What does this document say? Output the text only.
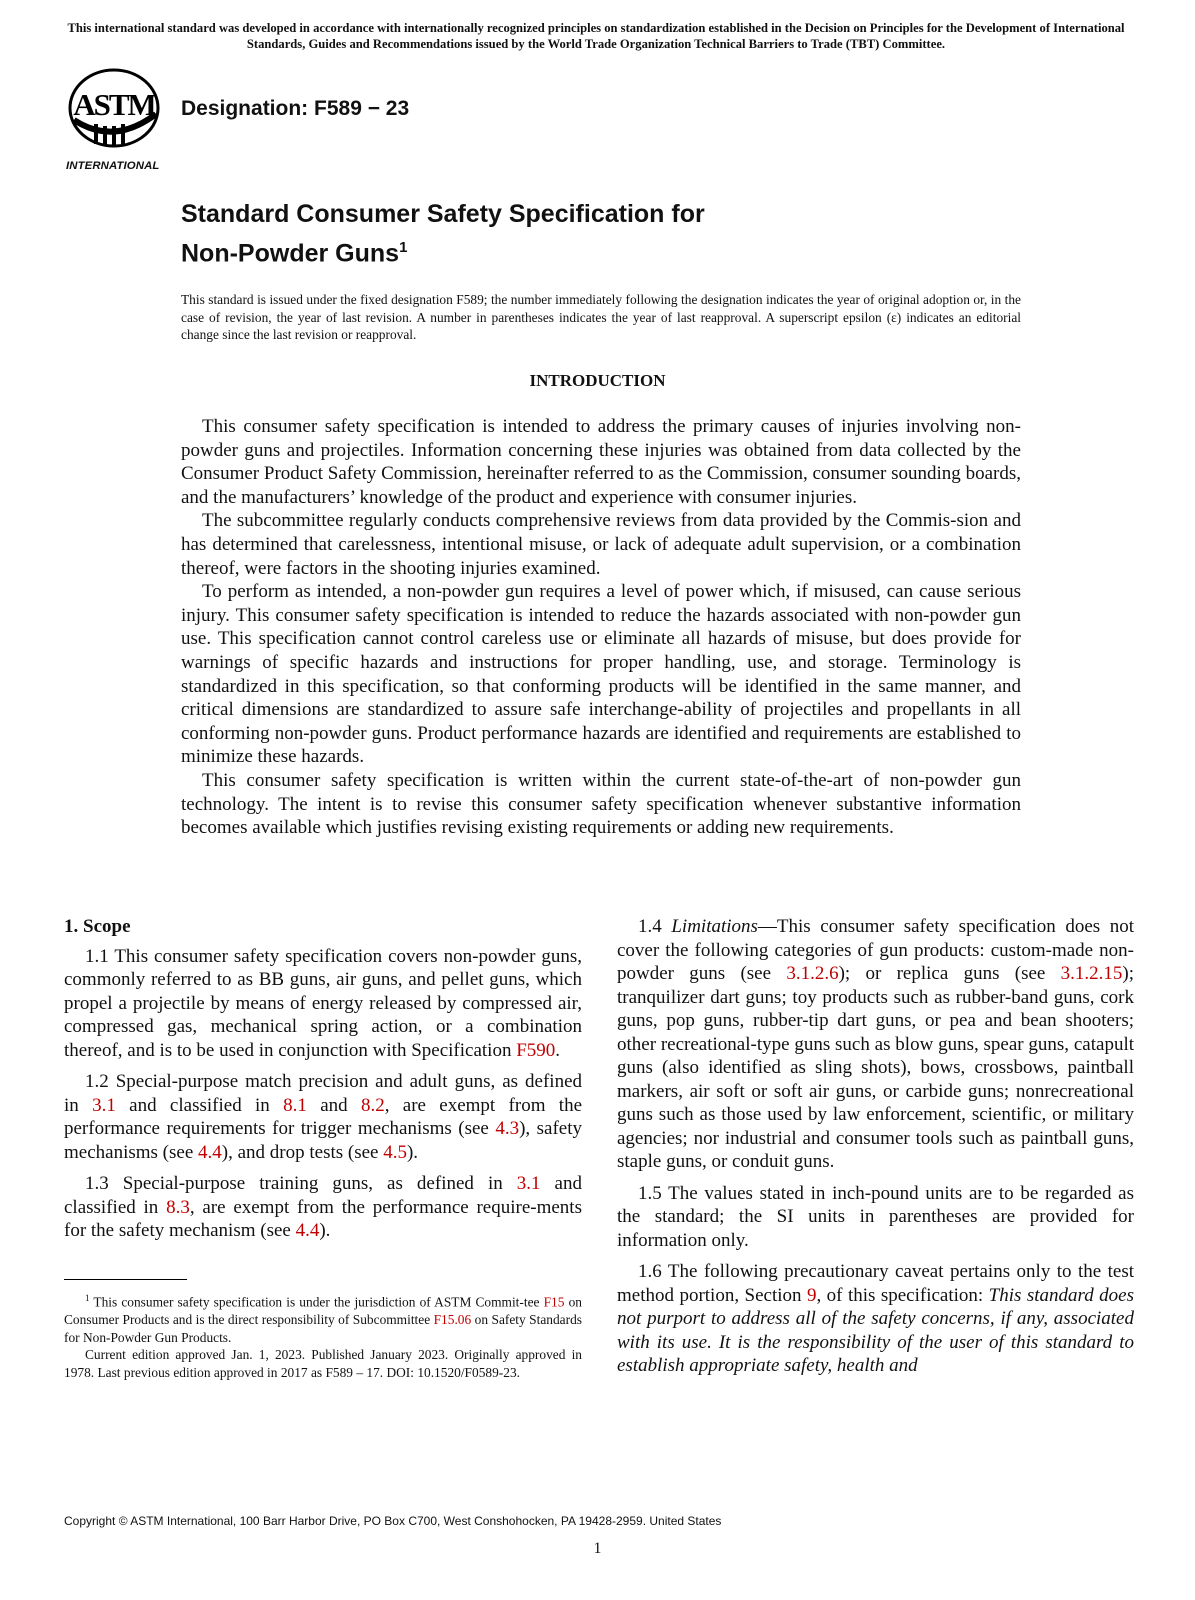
This international standard was developed in accordance with internationally recognized principles on standardization established in the Decision on Principles for the Development of International Standards, Guides and Recommendations issued by the World Trade Organization Technical Barriers to Trade (TBT) Committee.
ASTM
INTERNATIONAL
Designation: F589 − 23
Standard Consumer Safety Specification for
Non-Powder Guns$^1$

This standard is issued under the fixed designation F589; the number immediately following the designation indicates the year of original adoption or, in the case of revision, the year of last revision. A number in parentheses indicates the year of last reapproval. A superscript epsilon (ε) indicates an editorial change since the last revision or reapproval.

INTRODUCTION

This consumer safety specification is intended to address the primary causes of injuries involving non-powder guns and projectiles. Information concerning these injuries was obtained from data collected by the Consumer Product Safety Commission, hereinafter referred to as the Commission, consumer sounding boards, and the manufacturers’ knowledge of the product and experience with consumer injuries.

The subcommittee regularly conducts comprehensive reviews from data provided by the Commis-sion and has determined that carelessness, intentional misuse, or lack of adequate adult supervision, or a combination thereof, were factors in the shooting injuries examined.

To perform as intended, a non-powder gun requires a level of power which, if misused, can cause serious injury. This consumer safety specification is intended to reduce the hazards associated with non-powder gun use. This specification cannot control careless use or eliminate all hazards of misuse, but does provide for warnings of specific hazards and instructions for proper handling, use, and storage. Terminology is standardized in this specification, so that conforming products will be identified in the same manner, and critical dimensions are standardized to assure safe interchange-ability of projectiles and propellants in all conforming non-powder guns. Product performance hazards are identified and requirements are established to minimize these hazards.

This consumer safety specification is written within the current state-of-the-art of non-powder gun technology. The intent is to revise this consumer safety specification whenever substantive information becomes available which justifies revising existing requirements or adding new requirements.

1. Scope

1.1 This consumer safety specification covers non-powder guns, commonly referred to as BB guns, air guns, and pellet guns, which propel a projectile by means of energy released by compressed air, compressed gas, mechanical spring action, or a combination thereof, and is to be used in conjunction with Specification F590.

1.2 Special-purpose match precision and adult guns, as defined in 3.1 and classified in 8.1 and 8.2, are exempt from the performance requirements for trigger mechanisms (see 4.3), safety mechanisms (see 4.4), and drop tests (see 4.5).

1.3 Special-purpose training guns, as defined in 3.1 and classified in 8.3, are exempt from the performance require-ments for the safety mechanism (see 4.4).

1.4 Limitations—This consumer safety specification does not cover the following categories of gun products: custom-made non-powder guns (see 3.1.2.6); or replica guns (see 3.1.2.15); tranquilizer dart guns; toy products such as rubber-band guns, cork guns, pop guns, rubber-tip dart guns, or pea and bean shooters; other recreational-type guns such as blow guns, spear guns, catapult guns (also identified as sling shots), bows, crossbows, paintball markers, air soft or soft air guns, or carbide guns; nonrecreational guns such as those used by law enforcement, scientific, or military agencies; nor industrial and consumer tools such as paintball guns, staple guns, or conduit guns.

1.5 The values stated in inch-pound units are to be regarded as the standard; the SI units in parentheses are provided for information only.

1.6 The following precautionary caveat pertains only to the test method portion, Section 9, of this specification: This standard does not purport to address all of the safety concerns, if any, associated with its use. It is the responsibility of the user of this standard to establish appropriate safety, health and

$^1$ This consumer safety specification is under the jurisdiction of ASTM Commit-tee F15 on Consumer Products and is the direct responsibility of Subcommittee F15.06 on Safety Standards for Non-Powder Gun Products.

Current edition approved Jan. 1, 2023. Published January 2023. Originally approved in 1978. Last previous edition approved in 2017 as F589 – 17. DOI: 10.1520/F0589-23.

Copyright © ASTM International, 100 Barr Harbor Drive, PO Box C700, West Conshohocken, PA 19428-2959. United States
1
